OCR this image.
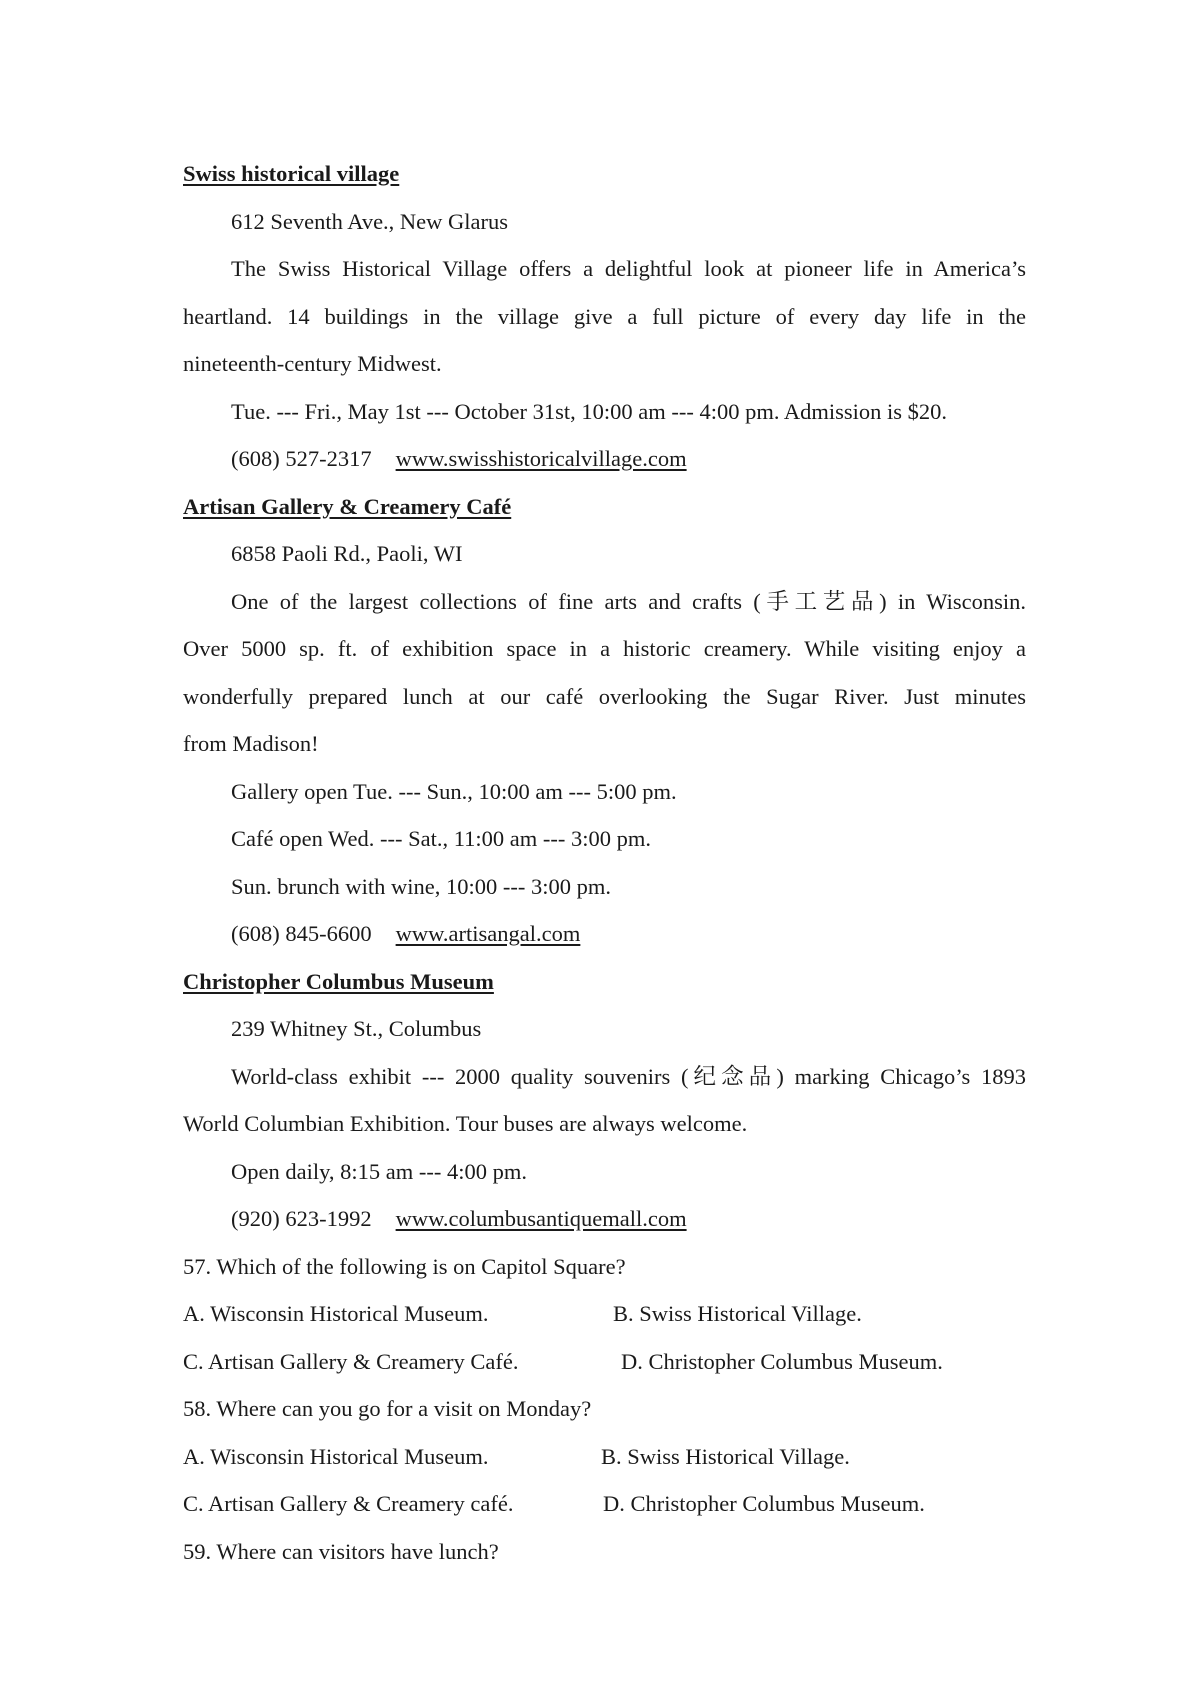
Swiss historical village
612 Seventh Ave., New Glarus
The Swiss Historical Village offers a delightful look at pioneer life in America’s
heartland. 14 buildings in the village give a full picture of every day life in the
nineteenth-century Midwest.
Tue. --- Fri., May 1st --- October 31st, 10:00 am --- 4:00 pm. Admission is $20.
(608) 527-2317 www.swisshistoricalvillage.com
Artisan Gallery & Creamery Café
6858 Paoli Rd., Paoli, WI
One of the largest collections of fine arts and crafts (手工艺品) in Wisconsin.
Over 5000 sp. ft. of exhibition space in a historic creamery. While visiting enjoy a
wonderfully prepared lunch at our café overlooking the Sugar River. Just minutes
from Madison!
Gallery open Tue. --- Sun., 10:00 am --- 5:00 pm.
Café open Wed. --- Sat., 11:00 am --- 3:00 pm.
Sun. brunch with wine, 10:00 --- 3:00 pm.
(608) 845-6600 www.artisangal.com
Christopher Columbus Museum
239 Whitney St., Columbus
World-class exhibit --- 2000 quality souvenirs (纪念品) marking Chicago’s 1893
World Columbian Exhibition. Tour buses are always welcome.
Open daily, 8:15 am --- 4:00 pm.
(920) 623-1992 www.columbusantiquemall.com
57. Which of the following is on Capitol Square?
A. Wisconsin Historical Museum.	B. Swiss Historical Village.
C. Artisan Gallery & Creamery Café.	D. Christopher Columbus Museum.
58. Where can you go for a visit on Monday?
A. Wisconsin Historical Museum.	B. Swiss Historical Village.
C. Artisan Gallery & Creamery café.	D. Christopher Columbus Museum.
59. Where can visitors have lunch?
